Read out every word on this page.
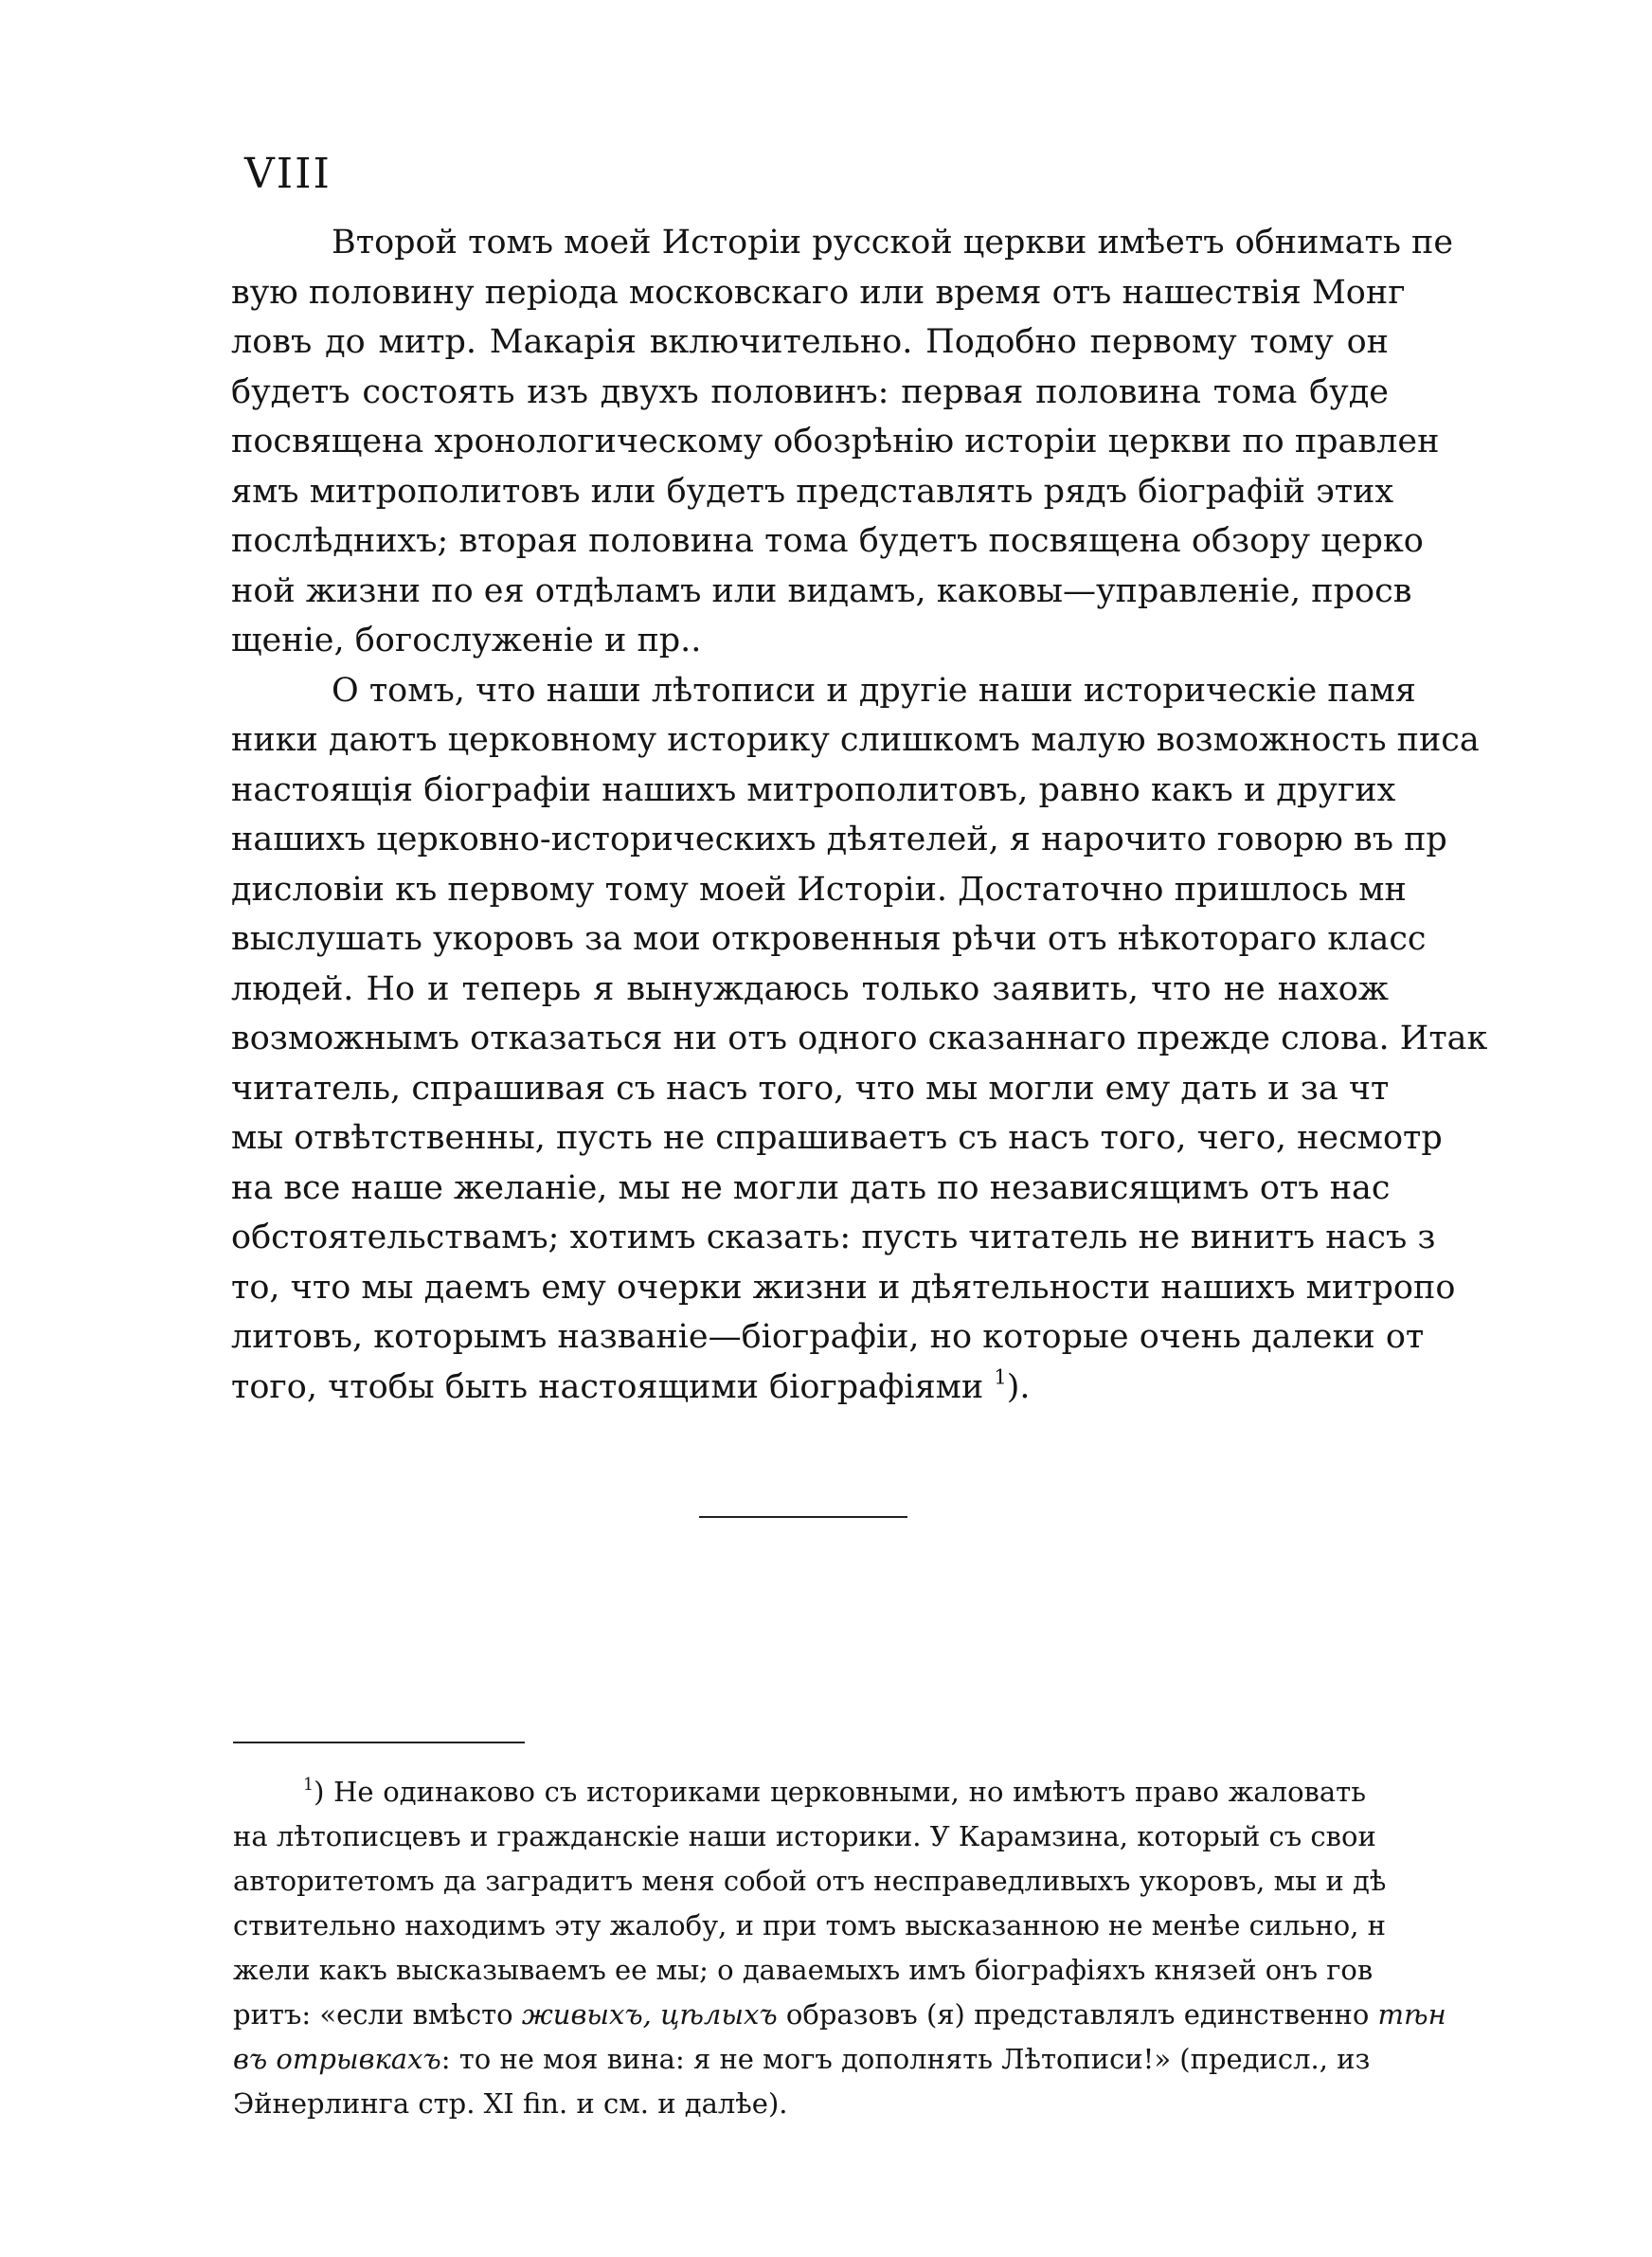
VIII
Второй томъ моей Исторіи русской церкви имѣетъ обнимать пе
вую половину періода московскаго или время отъ нашествія Монг
ловъ до митр. Макарія включительно. Подобно первому тому он
будетъ состоять изъ двухъ половинъ: первая половина тома буде
посвящена хронологическому обозрѣнію исторіи церкви по правлен
ямъ митрополитовъ или будетъ представлять рядъ біографій этих
послѣднихъ; вторая половина тома будетъ посвящена обзору церко
ной жизни по ея отдѣламъ или видамъ, каковы—управленіе, просв
щеніе, богослуженіе и пр..
О томъ, что наши лѣтописи и другіе наши историческіе памя
ники даютъ церковному историку слишкомъ малую возможность писа
настоящія біографіи нашихъ митрополитовъ, равно какъ и других
нашихъ церковно-историческихъ дѣятелей, я нарочито говорю въ пр
дисловіи къ первому тому моей Исторіи. Достаточно пришлось мн
выслушать укоровъ за мои откровенныя рѣчи отъ нѣкотораго класс
людей. Но и теперь я вынуждаюсь только заявить, что не нахож
возможнымъ отказаться ни отъ одного сказаннаго прежде слова. Итак
читатель, спрашивая съ насъ того, что мы могли ему дать и за чт
мы отвѣтственны, пусть не спрашиваетъ съ насъ того, чего, несмотр
на все наше желаніе, мы не могли дать по независящимъ отъ нас
обстоятельствамъ; хотимъ сказать: пусть читатель не винитъ насъ з
то, что мы даемъ ему очерки жизни и дѣятельности нашихъ митропо
литовъ, которымъ названіе—біографіи, но которые очень далеки от
того, чтобы быть настоящими біографіями $^1$).
$^1$) Не одинаково съ историками церковными, но имѣютъ право жаловать
на лѣтописцевъ и гражданскіе наши историки. У Карамзина, который съ свои
авторитетомъ да заградитъ меня собой отъ несправедливыхъ укоровъ, мы и дѣ
ствительно находимъ эту жалобу, и при томъ высказанною не менѣе сильно, н
жели какъ высказываемъ ее мы; о даваемыхъ имъ біографіяхъ князей онъ гов
ритъ: «если вмѣсто живыхъ, цѣлыхъ образовъ (я) представлялъ единственно тѣн
въ отрывкахъ: то не моя вина: я не могъ дополнять Лѣтописи!» (предисл., из
Эйнерлинга стр. XI fin. и см. и далѣе).
